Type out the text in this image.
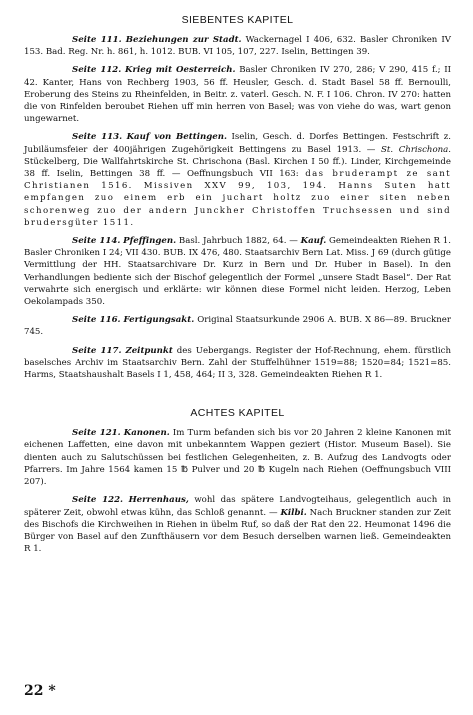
SIEBENTES KAPITEL

Seite 111. Beziehungen zur Stadt. Wackernagel I 406, 632. Basler Chroniken IV 153. Bad. Reg. Nr. h. 861, h. 1012. BUB. VI 105, 107, 227. Iselin, Bettingen 39.

Seite 112. Krieg mit Oesterreich. Basler Chroniken IV 270, 286; V 290, 415 f.; II 42. Kanter, Hans von Rechberg 1903, 56 ff. Heusler, Gesch. d. Stadt Basel 58 ff. Bernoulli, Eroberung des Steins zu Rheinfelden, in Beitr. z. vaterl. Gesch. N. F. I 106. Chron. IV 270: hatten die von Rinfelden beroubet Riehen uff min herren von Basel; was von viehe do was, wart genon ungewarnet.

Seite 113. Kauf von Bettingen. Iselin, Gesch. d. Dorfes Bettingen. Festschrift z. Jubiläumsfeier der 400jährigen Zugehörigkeit Bettingens zu Basel 1913. — St. Chrischona. Stückelberg, Die Wallfahrtskirche St. Chrischona (Basl. Kirchen I 50 ff.). Linder, Kirchgemeinde 38 ff. Iselin, Bettingen 38 ff. — Oeffnungsbuch VII 163: das bruderampt ze sant Christianen 1516. Missiven XXV 99, 103, 194. Hanns Suten hatt empfangen zuo einem erb ein juchart holtz zuo einer siten neben schorenweg zuo der andern Junckher Christoffen Truchsessen und sind brudersgüter 1511.

Seite 114. Pfeffingen. Basl. Jahrbuch 1882, 64. — Kauf. Gemeindeakten Riehen R 1. Basler Chroniken I 24; VII 430. BUB. IX 476, 480. Staatsarchiv Bern Lat. Miss. J 69 (durch gütige Vermittlung der HH. Staatsarchivare Dr. Kurz in Bern und Dr. Huber in Basel). In den Verhandlungen bediente sich der Bischof gelegentlich der Formel „unsere Stadt Basel“. Der Rat verwahrte sich energisch und erklärte: wir können diese Formel nicht leiden. Herzog, Leben Oekolampads 350.

Seite 116. Fertigungsakt. Original Staatsurkunde 2906 A. BUB. X 86—89. Bruckner 745.

Seite 117. Zeitpunkt des Uebergangs. Register der Hof-Rechnung, ehem. fürstlich baselsches Archiv im Staatsarchiv Bern. Zahl der Stuffelhühner 1519=88; 1520=84; 1521=85. Harms, Staatshaushalt Basels I 1, 458, 464; II 3, 328. Gemeindeakten Riehen R 1.

ACHTES KAPITEL

Seite 121. Kanonen. Im Turm befanden sich bis vor 20 Jahren 2 kleine Kanonen mit eichenen Laffetten, eine davon mit unbekanntem Wappen geziert (Histor. Museum Basel). Sie dienten auch zu Salutschüssen bei festlichen Gelegenheiten, z. B. Aufzug des Landvogts oder Pfarrers. Im Jahre 1564 kamen 15 ℔ Pulver und 20 ℔ Kugeln nach Riehen (Oeffnungsbuch VIII 207).

Seite 122. Herrenhaus, wohl das spätere Landvogteihaus, gelegentlich auch in späterer Zeit, obwohl etwas kühn, das Schloß genannt. — Kilbi. Nach Bruckner standen zur Zeit des Bischofs die Kirchweihen in Riehen in übelm Ruf, so daß der Rat den 22. Heumonat 1496 die Bürger von Basel auf den Zunfthäusern vor dem Besuch derselben warnen ließ. Gemeindeakten R 1.

22 *
